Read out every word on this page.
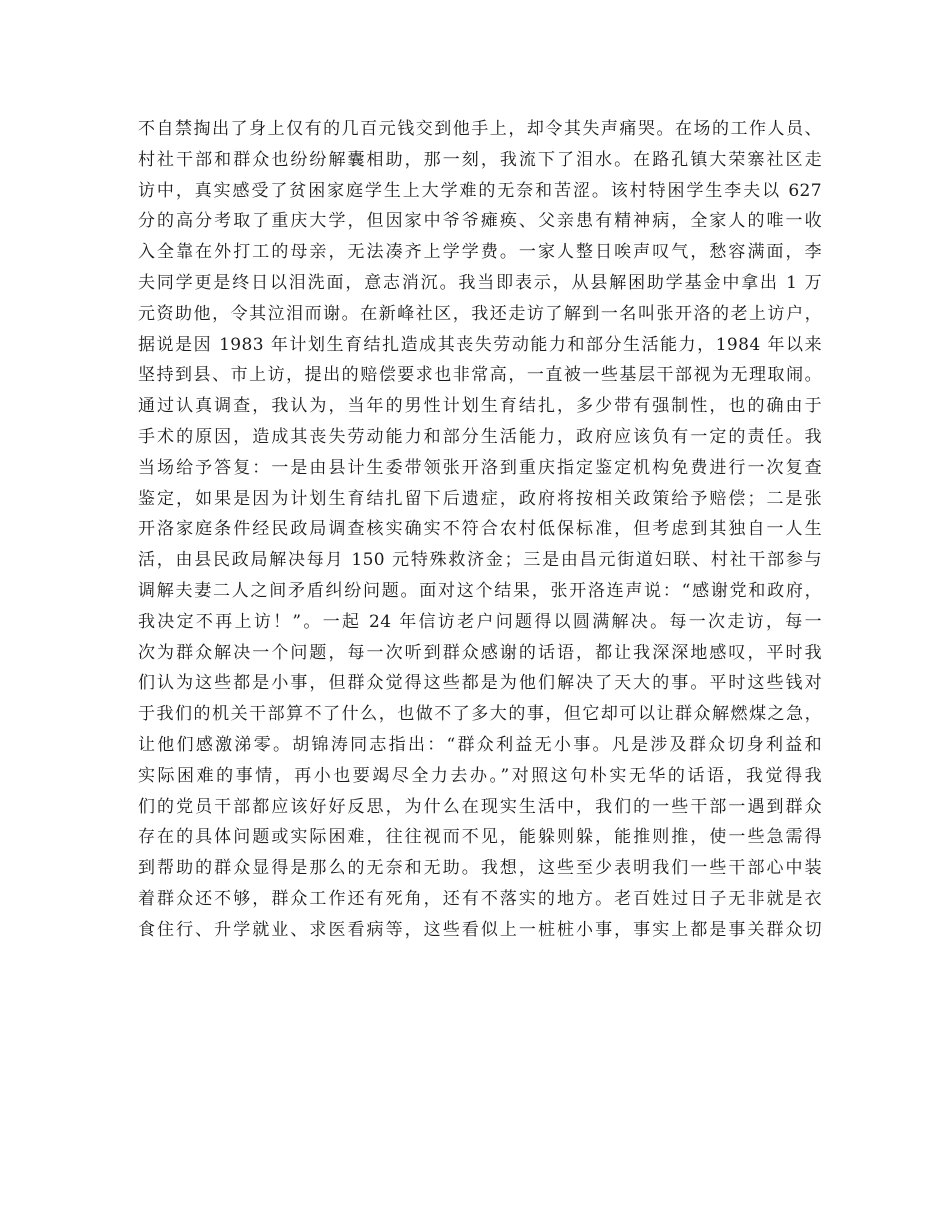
不自禁掏出了身上仅有的几百元钱交到他手上，却令其失声痛哭。在场的工作人员、
村社干部和群众也纷纷解囊相助，那一刻，我流下了泪水。在路孔镇大荣寨社区走
访中，真实感受了贫困家庭学生上大学难的无奈和苦涩。该村特困学生李夫以 627
分的高分考取了重庆大学，但因家中爷爷瘫痪、父亲患有精神病，全家人的唯一收
入全靠在外打工的母亲，无法凑齐上学学费。一家人整日唉声叹气，愁容满面，李
夫同学更是终日以泪洗面，意志消沉。我当即表示，从县解困助学基金中拿出 1 万
元资助他，令其泣泪而谢。在新峰社区，我还走访了解到一名叫张开洛的老上访户，
据说是因 1983 年计划生育结扎造成其丧失劳动能力和部分生活能力，1984 年以来
坚持到县、市上访，提出的赔偿要求也非常高，一直被一些基层干部视为无理取闹。
通过认真调查，我认为，当年的男性计划生育结扎，多少带有强制性，也的确由于
手术的原因，造成其丧失劳动能力和部分生活能力，政府应该负有一定的责任。我
当场给予答复：一是由县计生委带领张开洛到重庆指定鉴定机构免费进行一次复查
鉴定，如果是因为计划生育结扎留下后遗症，政府将按相关政策给予赔偿；二是张
开洛家庭条件经民政局调查核实确实不符合农村低保标准，但考虑到其独自一人生
活，由县民政局解决每月 150 元特殊救济金；三是由昌元街道妇联、村社干部参与
调解夫妻二人之间矛盾纠纷问题。面对这个结果，张开洛连声说：“感谢党和政府，
我决定不再上访！”。一起 24 年信访老户问题得以圆满解决。每一次走访，每一
次为群众解决一个问题，每一次听到群众感谢的话语，都让我深深地感叹，平时我
们认为这些都是小事，但群众觉得这些都是为他们解决了天大的事。平时这些钱对
于我们的机关干部算不了什么，也做不了多大的事，但它却可以让群众解燃煤之急，
让他们感激涕零。胡锦涛同志指出：“群众利益无小事。凡是涉及群众切身利益和
实际困难的事情，再小也要竭尽全力去办。”对照这句朴实无华的话语，我觉得我
们的党员干部都应该好好反思，为什么在现实生活中，我们的一些干部一遇到群众
存在的具体问题或实际困难，往往视而不见，能躲则躲，能推则推，使一些急需得
到帮助的群众显得是那么的无奈和无助。我想，这些至少表明我们一些干部心中装
着群众还不够，群众工作还有死角，还有不落实的地方。老百姓过日子无非就是衣
食住行、升学就业、求医看病等，这些看似上一桩桩小事，事实上都是事关群众切
